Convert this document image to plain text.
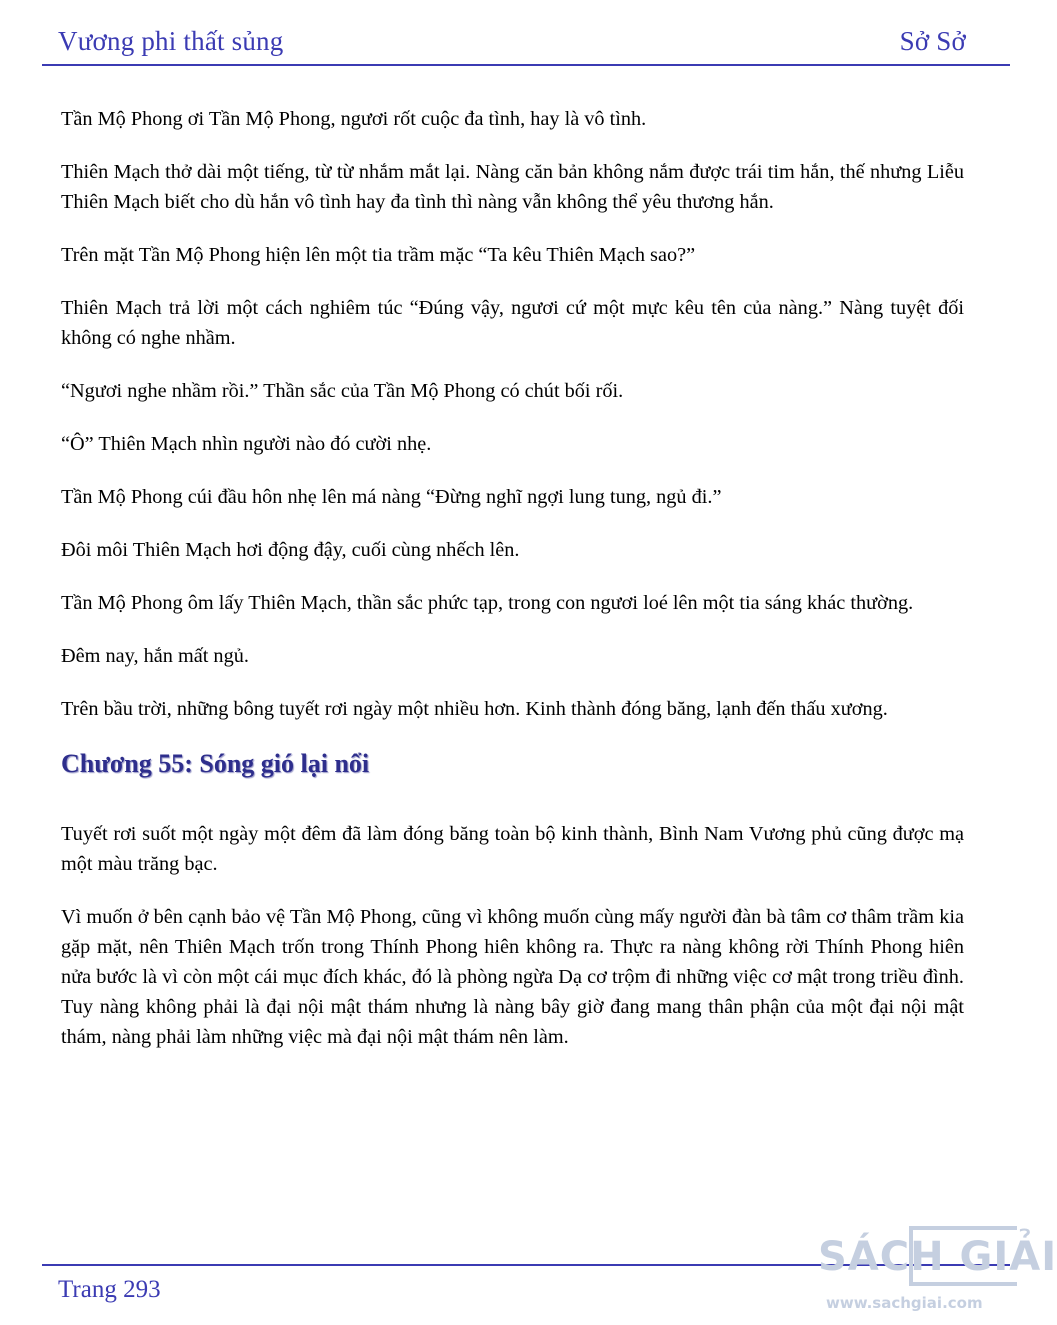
Vương phi thất sủng	Sở Sở

Tần Mộ Phong ơi Tần Mộ Phong, ngươi rốt cuộc đa tình, hay là vô tình.

Thiên Mạch thở dài một tiếng, từ từ nhắm mắt lại. Nàng căn bản không nắm được trái tim hắn, thế nhưng Liễu Thiên Mạch biết cho dù hắn vô tình hay đa tình thì nàng vẫn không thể yêu thương hắn.

Trên mặt Tần Mộ Phong hiện lên một tia trầm mặc “Ta kêu Thiên Mạch sao?”

Thiên Mạch trả lời một cách nghiêm túc “Đúng vậy, ngươi cứ một mực kêu tên của nàng.” Nàng tuyệt đối không có nghe nhầm.

“Ngươi nghe nhầm rồi.” Thần sắc của Tần Mộ Phong có chút bối rối.

“Ô” Thiên Mạch nhìn người nào đó cười nhẹ.

Tần Mộ Phong cúi đầu hôn nhẹ lên má nàng “Đừng nghĩ ngợi lung tung, ngủ đi.”

Đôi môi Thiên Mạch hơi động đậy, cuối cùng nhếch lên.

Tần Mộ Phong ôm lấy Thiên Mạch, thần sắc phức tạp, trong con ngươi loé lên một tia sáng khác thường.

Đêm nay, hắn mất ngủ.

Trên bầu trời, những bông tuyết rơi ngày một nhiều hơn. Kinh thành đóng băng, lạnh đến thấu xương.

Chương 55: Sóng gió lại nổi

Tuyết rơi suốt một ngày một đêm đã làm đóng băng toàn bộ kinh thành, Bình Nam Vương phủ cũng được mạ một màu trăng bạc.

Vì muốn ở bên cạnh bảo vệ Tần Mộ Phong, cũng vì không muốn cùng mấy người đàn bà tâm cơ thâm trầm kia gặp mặt, nên Thiên Mạch trốn trong Thính Phong hiên không ra. Thực ra nàng không rời Thính Phong hiên nửa bước là vì còn một cái mục đích khác, đó là phòng ngừa Dạ cơ trộm đi những việc cơ mật trong triều đình. Tuy nàng không phải là đại nội mật thám nhưng là nàng bây giờ đang mang thân phận của một đại nội mật thám, nàng phải làm những việc mà đại nội mật thám nên làm.

Trang 293
SÁCH GIẢI
www.sachgiai.com
